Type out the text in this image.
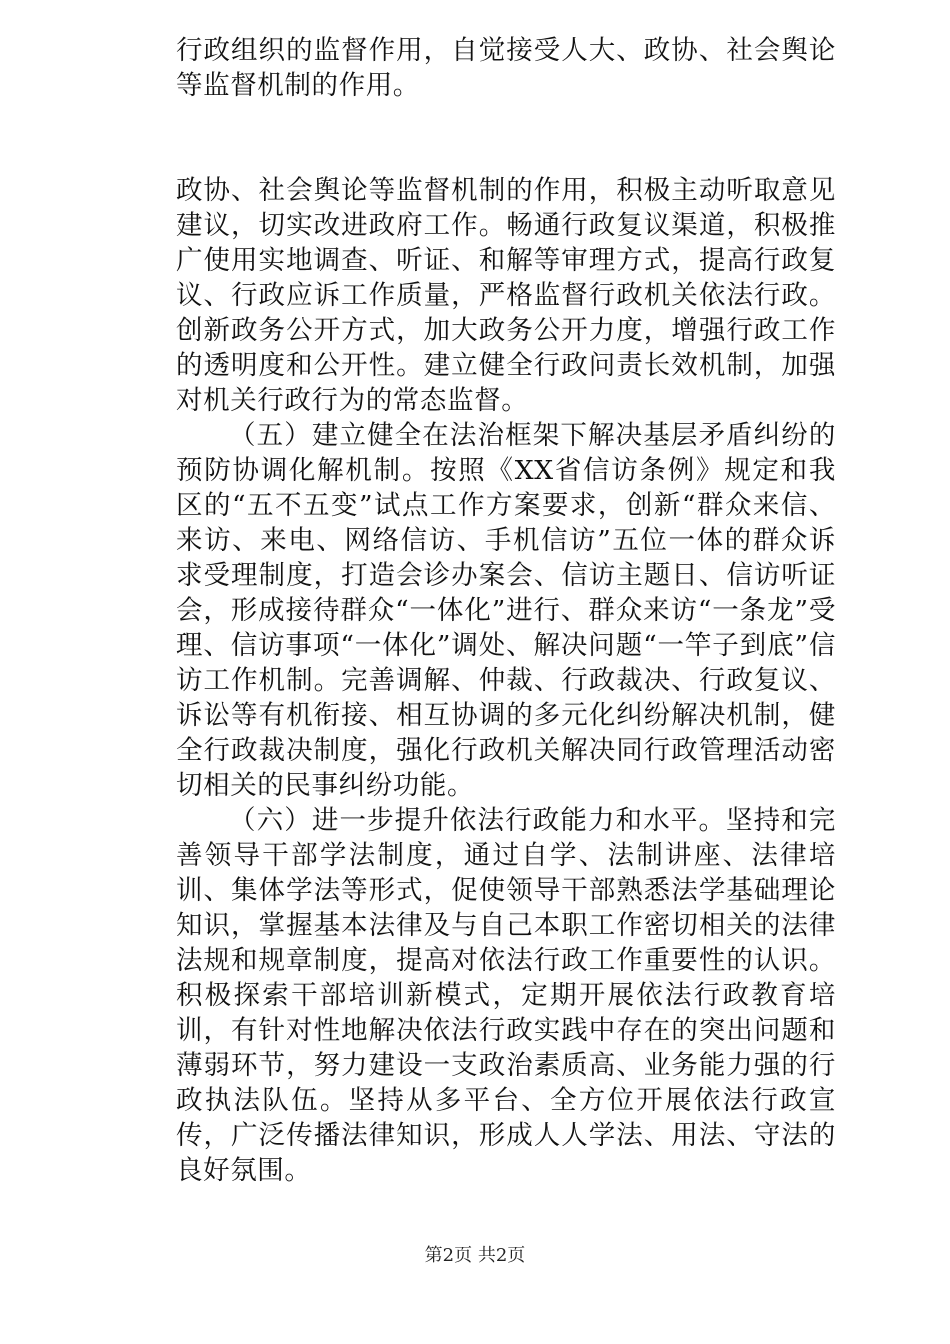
行政组织的监督作用，自觉接受人大、政协、社会舆论等监督机制的作用。

政协、社会舆论等监督机制的作用，积极主动听取意见建议，切实改进政府工作。畅通行政复议渠道，积极推广使用实地调查、听证、和解等审理方式，提高行政复议、行政应诉工作质量，严格监督行政机关依法行政。创新政务公开方式，加大政务公开力度，增强行政工作的透明度和公开性。建立健全行政问责长效机制，加强对机关行政行为的常态监督。

（五）建立健全在法治框架下解决基层矛盾纠纷的预防协调化解机制。按照《XX省信访条例》规定和我区的“五不五变”试点工作方案要求，创新“群众来信、来访、来电、网络信访、手机信访”五位一体的群众诉求受理制度，打造会诊办案会、信访主题日、信访听证会，形成接待群众“一体化”进行、群众来访“一条龙”受理、信访事项“一体化”调处、解决问题“一竿子到底”信访工作机制。完善调解、仲裁、行政裁决、行政复议、诉讼等有机衔接、相互协调的多元化纠纷解决机制，健全行政裁决制度，强化行政机关解决同行政管理活动密切相关的民事纠纷功能。

（六）进一步提升依法行政能力和水平。坚持和完善领导干部学法制度，通过自学、法制讲座、法律培训、集体学法等形式，促使领导干部熟悉法学基础理论知识，掌握基本法律及与自己本职工作密切相关的法律法规和规章制度，提高对依法行政工作重要性的认识。积极探索干部培训新模式，定期开展依法行政教育培训，有针对性地解决依法行政实践中存在的突出问题和薄弱环节，努力建设一支政治素质高、业务能力强的行政执法队伍。坚持从多平台、全方位开展依法行政宣传，广泛传播法律知识，形成人人学法、用法、守法的良好氛围。

第2页 共2页
